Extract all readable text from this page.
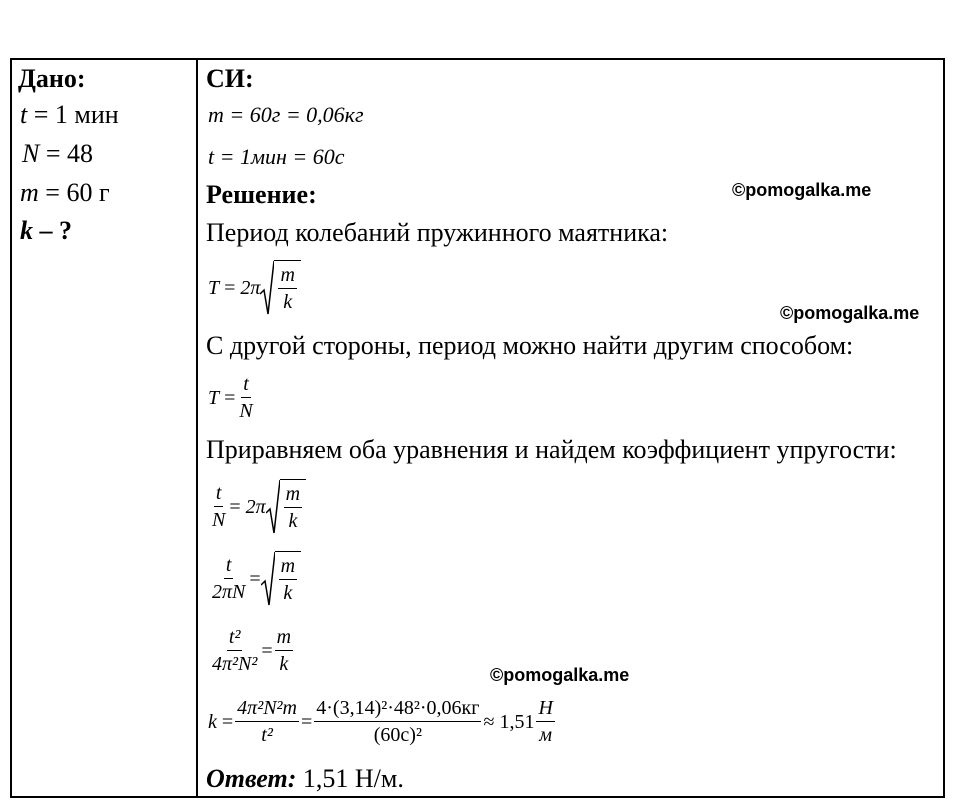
Дано:
t = 1 мин
N = 48
m = 60 г
k – ?
СИ:
m = 60г = 0,06кг
t = 1мин = 60с
Решение:
Период колебаний пружинного маятника:
T
=
$2\pi \frac{m}{k}$
С другой стороны, период можно найти другим способом:
T
= $\frac{t}{N}$
Приравняем оба уравнения и найдем коэффициент упругости:
$\frac{t}{N}$ =
$2\pi \frac{m}{k}$
$\frac{t}{2\pi N} = \frac{m}{k}$
$\frac{\text{t²}}{\text{4π²N²}} = \frac{m}{k}$
k
= $\frac{\text{4π²N²m}}{\text{t²}} = \frac{\text{4·(3,14)²·48²·0,06кг}}{\text{(60с)²}}$ ≈
$1,51 \frac{Н}{м}$
Ответ: 1,51 Н/м.
©pomogalka.me
©pomogalka.me
©pomogalka.me
